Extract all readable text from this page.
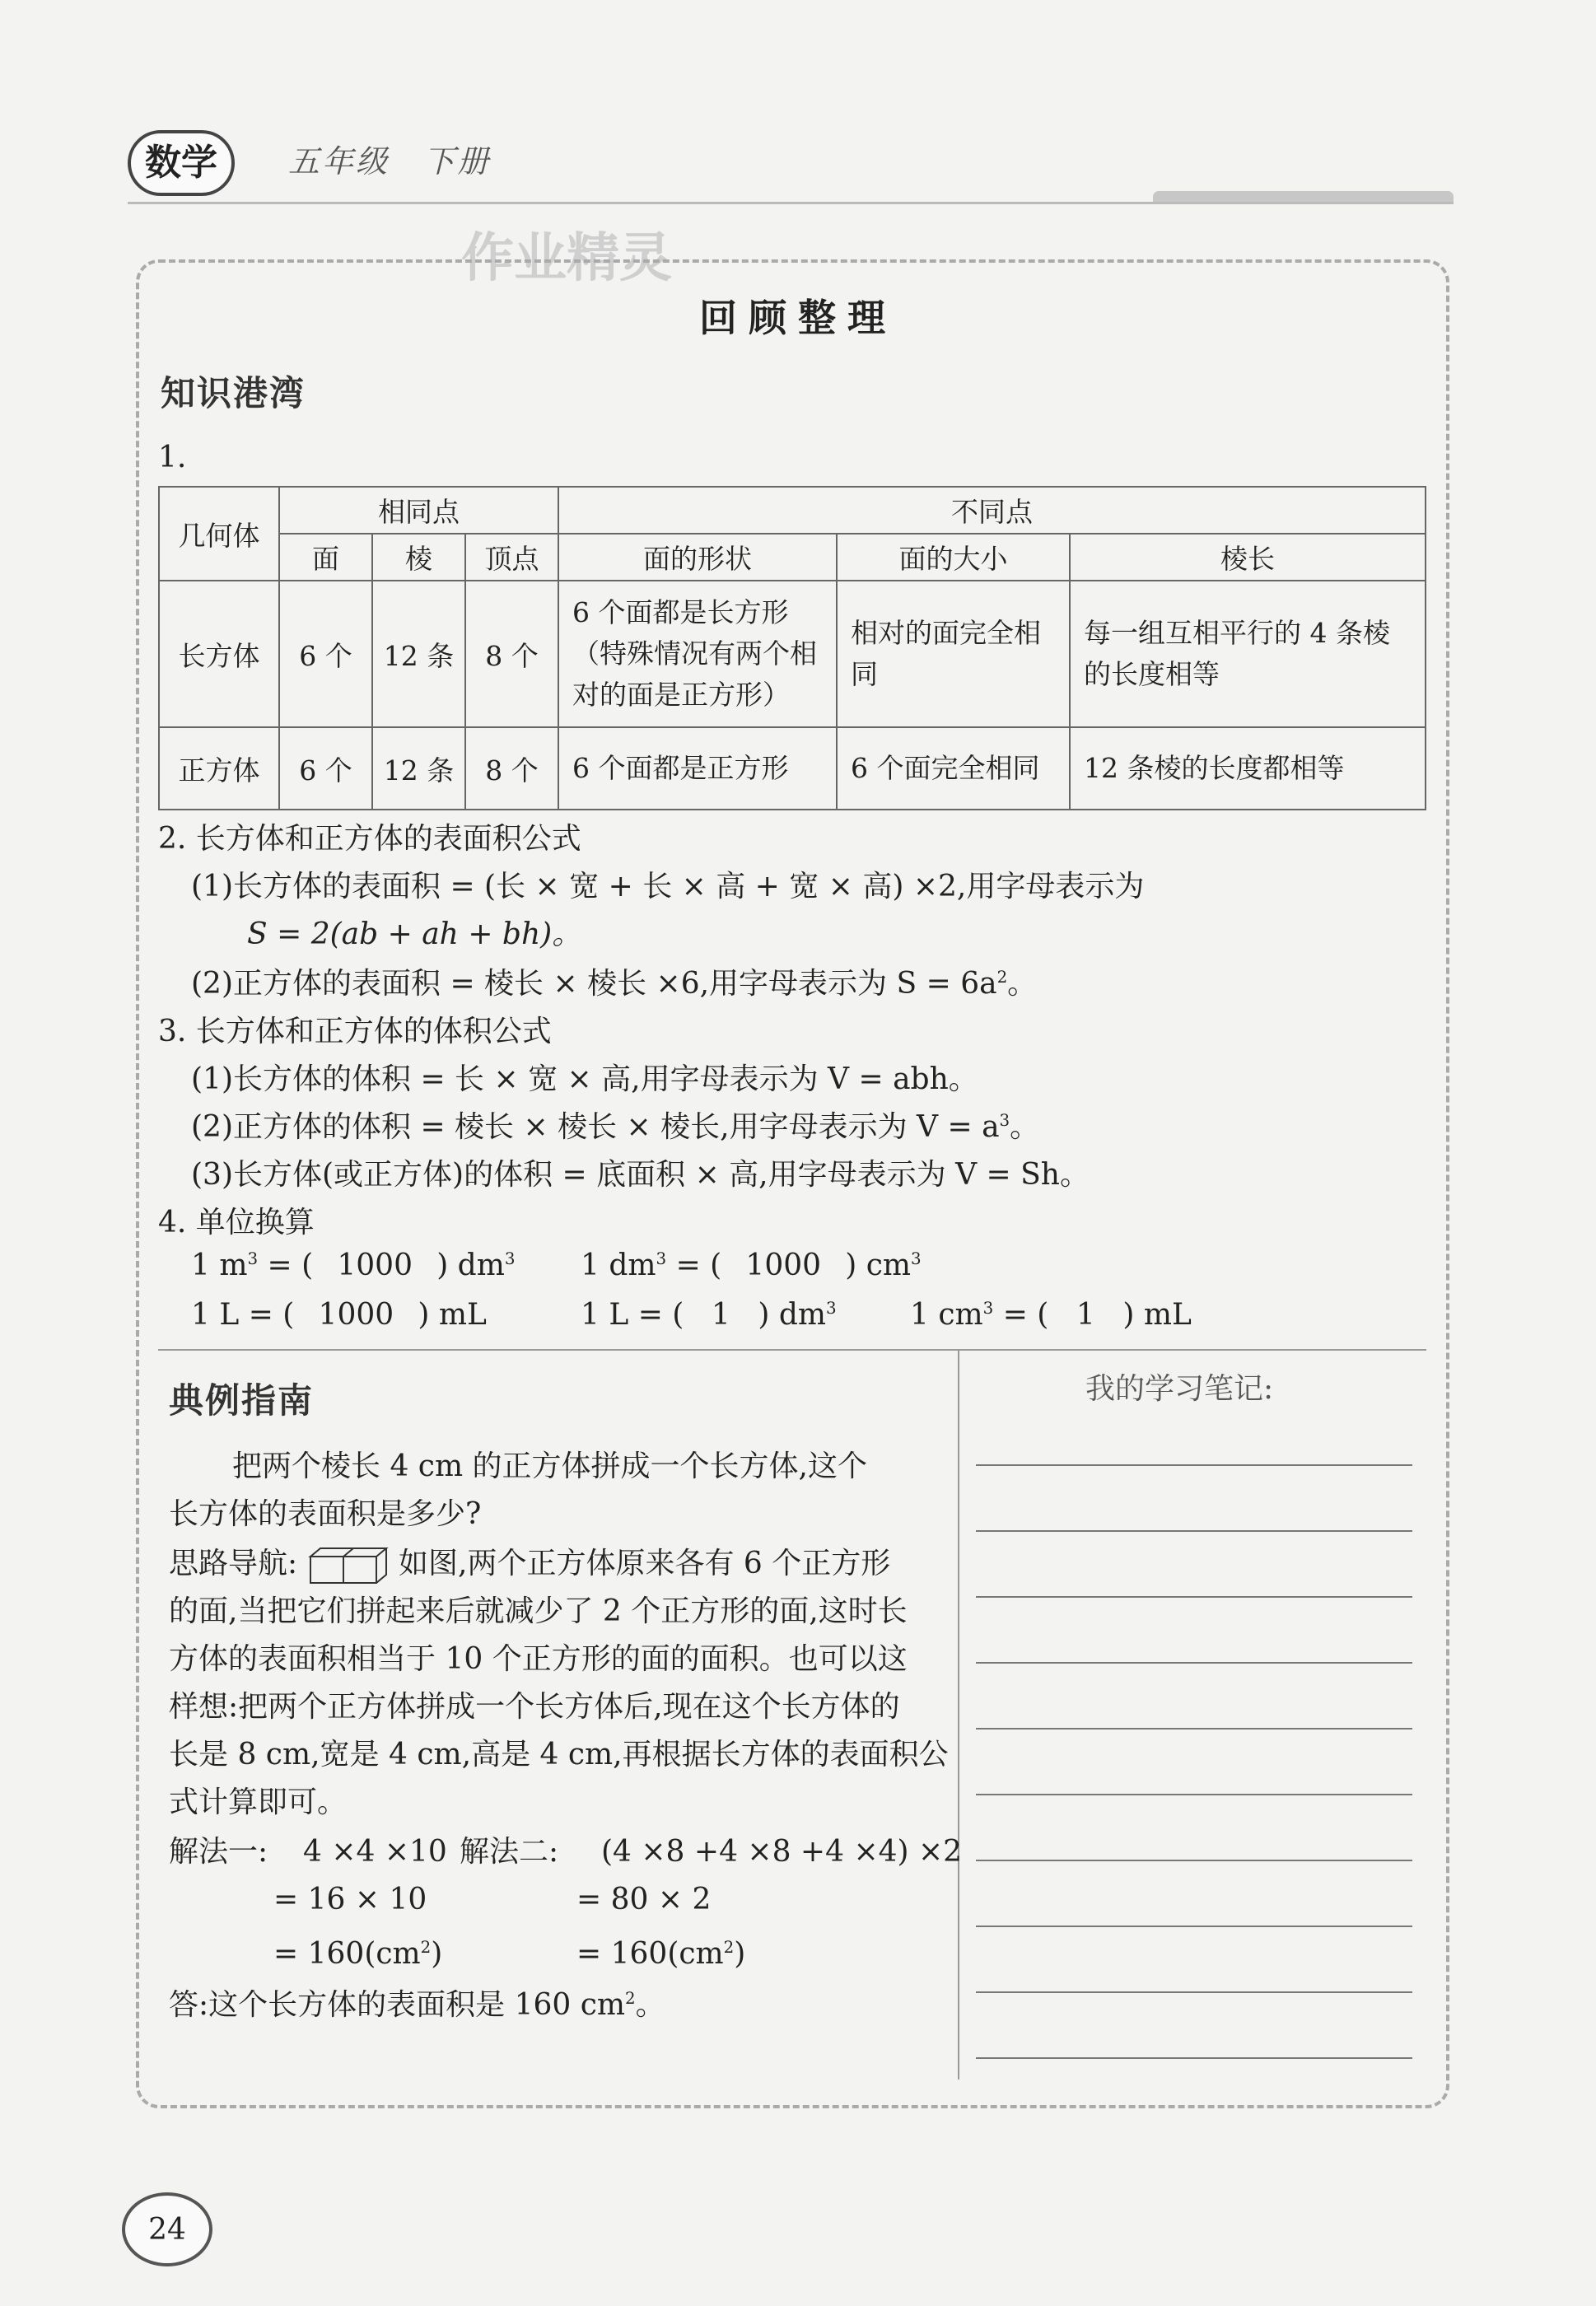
数学	五年级　下册
作业精灵
回顾整理
知识港湾
1.
几何体	相同点			不同点		
	面	棱	顶点	面的形状	面的大小	棱长
长方体	6 个	12 条	8 个	6 个面都是长方形（特殊情况有两个相对的面是正方形）	相对的面完全相同	每一组互相平行的 4 条棱的长度相等
正方体	6 个	12 条	8 个	6 个面都是正方形	6 个面完全相同	12 条棱的长度都相等
2. 长方体和正方体的表面积公式
(1)长方体的表面积 = (长 × 宽 + 长 × 高 + 宽 × 高) ×2,用字母表示为
S = 2(ab + ah + bh)。
(2)正方体的表面积 = 棱长 × 棱长 ×6,用字母表示为 $S = 6a^2$。
3. 长方体和正方体的体积公式
(1)长方体的体积 = 长 × 宽 × 高,用字母表示为 V = abh。
(2)正方体的体积 = 棱长 × 棱长 × 棱长,用字母表示为 $V = a^3$。
(3)长方体(或正方体)的体积 = 底面积 × 高,用字母表示为 V = Sh。
4. 单位换算
1 $m^3$ = ( 1000 ) $dm^3$ 1 $dm^3$ = ( 1000 ) $cm^3$
1 L = ( 1000 ) mL	1 L = ( 1 ) $dm^3$ 1 $cm^3$ = ( 1 ) mL
典例指南
把两个棱长 4 cm 的正方体拼成一个长方体,这个
长方体的表面积是多少?
思路导航:	如图,两个正方体原来各有 6 个正方形
的面,当把它们拼起来后就减少了 2 个正方形的面,这时长
方体的表面积相当于 10 个正方形的面的面积。也可以这
样想:把两个正方体拼成一个长方体后,现在这个长方体的
长是 8 cm,宽是 4 cm,高是 4 cm,再根据长方体的表面积公
式计算即可。
解法一: 4 ×4 ×10
= 16 × 10
= $160(cm^2)$
解法二: (4 ×8 +4 ×8 +4 ×4) ×2
= 80 × 2
= $160(cm^2)$
答:这个长方体的表面积是 160 $cm^2$。
我的学习笔记:
24
